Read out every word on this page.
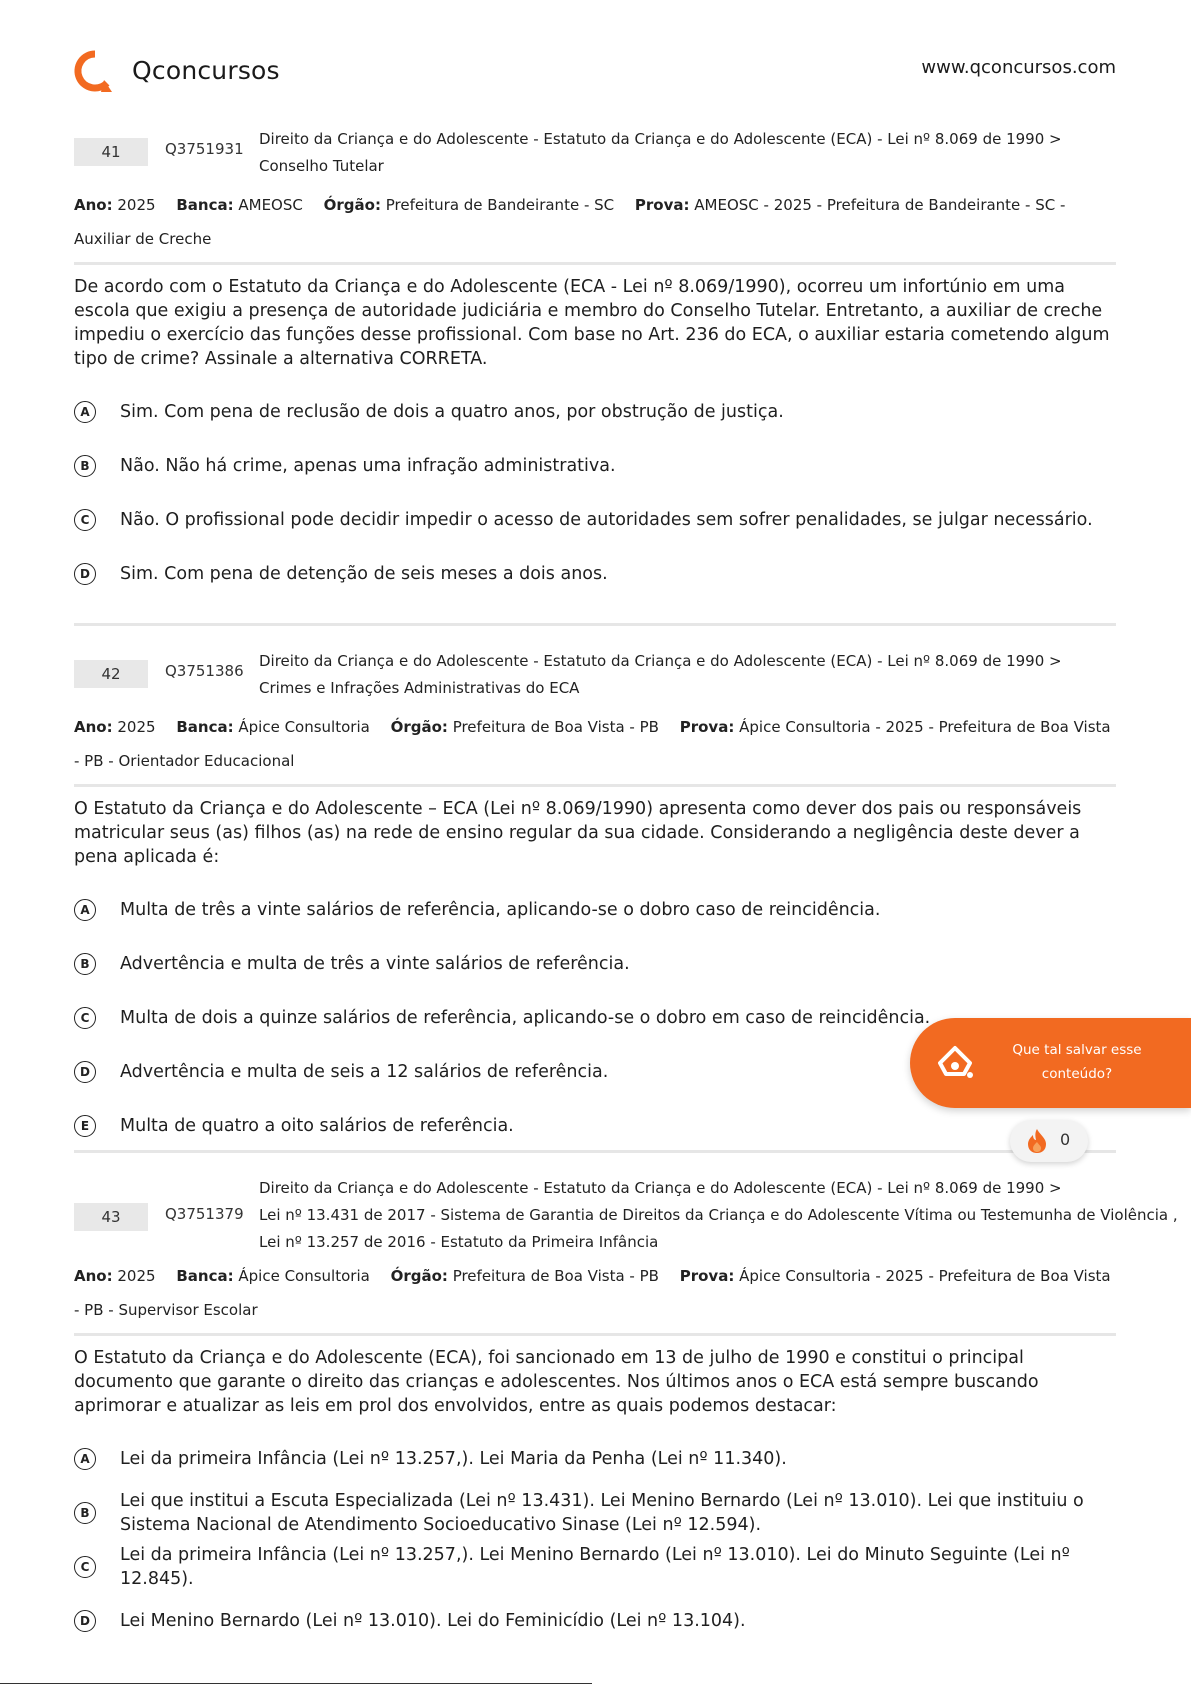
Qconcursos	www.qconcursos.com
41	Q3751931
Direito da Criança e do Adolescente - Estatuto da Criança e do Adolescente (ECA) - Lei nº 8.069 de 1990 >
Conselho Tutelar
Ano: 2025 Banca: AMEOSC Órgão: Prefeitura de Bandeirante - SC Prova: AMEOSC - 2025 - Prefeitura de Bandeirante - SC - Auxiliar de Creche
De acordo com o Estatuto da Criança e do Adolescente (ECA - Lei nº 8.069/1990), ocorreu um infortúnio em uma escola que exigiu a presença de autoridade judiciária e membro do Conselho Tutelar. Entretanto, a auxiliar de creche impediu o exercício das funções desse profissional. Com base no Art. 236 do ECA, o auxiliar estaria cometendo algum tipo de crime? Assinale a alternativa CORRETA.
A	Sim. Com pena de reclusão de dois a quatro anos, por obstrução de justiça.
B	Não. Não há crime, apenas uma infração administrativa.
C	Não. O profissional pode decidir impedir o acesso de autoridades sem sofrer penalidades, se julgar necessário.
D	Sim. Com pena de detenção de seis meses a dois anos.
42	Q3751386
Direito da Criança e do Adolescente - Estatuto da Criança e do Adolescente (ECA) - Lei nº 8.069 de 1990 >
Crimes e Infrações Administrativas do ECA
Ano: 2025 Banca: Ápice Consultoria Órgão: Prefeitura de Boa Vista - PB Prova: Ápice Consultoria - 2025 - Prefeitura de Boa Vista - PB - Orientador Educacional
O Estatuto da Criança e do Adolescente – ECA (Lei nº 8.069/1990) apresenta como dever dos pais ou responsáveis matricular seus (as) filhos (as) na rede de ensino regular da sua cidade. Considerando a negligência deste dever a pena aplicada é:
A	Multa de três a vinte salários de referência, aplicando-se o dobro caso de reincidência.
B	Advertência e multa de três a vinte salários de referência.
C	Multa de dois a quinze salários de referência, aplicando-se o dobro em caso de reincidência.
D	Advertência e multa de seis a 12 salários de referência.
E	Multa de quatro a oito salários de referência.
43	Q3751379
Direito da Criança e do Adolescente - Estatuto da Criança e do Adolescente (ECA) - Lei nº 8.069 de 1990 >
Lei nº 13.431 de 2017 - Sistema de Garantia de Direitos da Criança e do Adolescente Vítima ou Testemunha de Violência ,
Lei nº 13.257 de 2016 - Estatuto da Primeira Infância
Ano: 2025 Banca: Ápice Consultoria Órgão: Prefeitura de Boa Vista - PB Prova: Ápice Consultoria - 2025 - Prefeitura de Boa Vista - PB - Supervisor Escolar
O Estatuto da Criança e do Adolescente (ECA), foi sancionado em 13 de julho de 1990 e constitui o principal documento que garante o direito das crianças e adolescentes. Nos últimos anos o ECA está sempre buscando aprimorar e atualizar as leis em prol dos envolvidos, entre as quais podemos destacar:
A	Lei da primeira Infância (Lei nº 13.257,). Lei Maria da Penha (Lei nº 11.340).
B
Lei que institui a Escuta Especializada (Lei nº 13.431). Lei Menino Bernardo (Lei nº 13.010). Lei que instituiu o Sistema Nacional de Atendimento Socioeducativo Sinase (Lei nº 12.594).
C
Lei da primeira Infância (Lei nº 13.257,). Lei Menino Bernardo (Lei nº 13.010). Lei do Minuto Seguinte (Lei nº 12.845).
D	Lei Menino Bernardo (Lei nº 13.010). Lei do Feminicídio (Lei nº 13.104).
Que tal salvar esse conteúdo?
0
